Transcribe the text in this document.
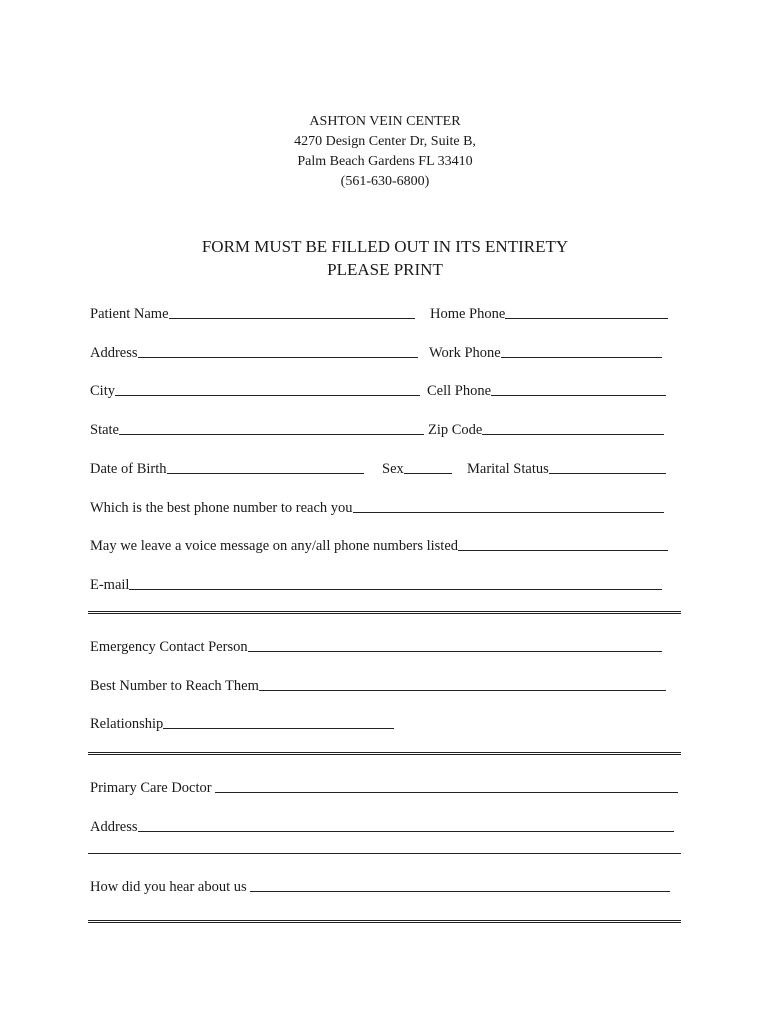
ASHTON VEIN CENTER
4270 Design Center Dr, Suite B,
Palm Beach Gardens FL 33410
(561-630-6800)
FORM MUST BE FILLED OUT IN ITS ENTIRETY
PLEASE PRINT
Patient Name	Home Phone
Address	Work Phone
City	Cell Phone
State	Zip Code
Date of Birth	Sex	Marital Status
Which is the best phone number to reach you
May we leave a voice message on any/all phone numbers listed
E-mail
Emergency Contact Person
Best Number to Reach Them
Relationship
Primary Care Doctor
Address
How did you hear about us
